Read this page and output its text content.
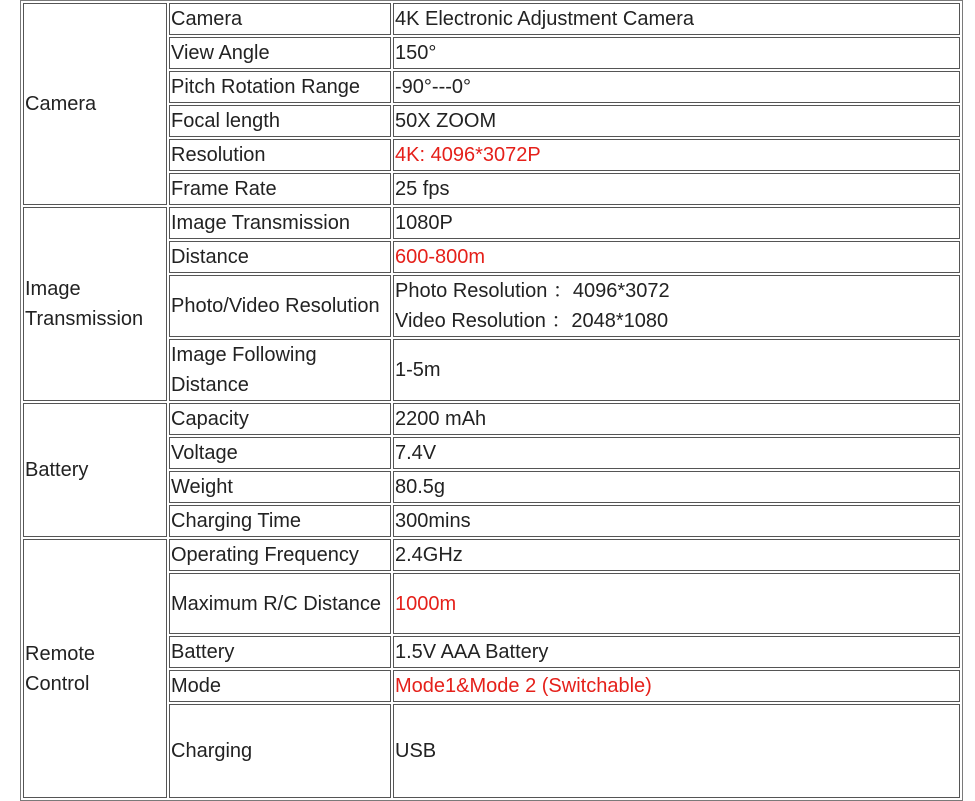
Camera	Camera	4K Electronic Adjustment Camera
	View Angle	150°
	Pitch Rotation Range	-90°---0°
	Focal length	50X ZOOM
	Resolution	4K: 4096*3072P
	Frame Rate	25 fps
Image Transmission	Image Transmission	1080P
	Distance	600-800m
	Photo/Video Resolution	Photo Resolution ：4096*3072
Video Resolution ：2048*1080

	Image Following Distance	1-5m
Battery	Capacity	2200 mAh
	Voltage	7.4V
	Weight	80.5g
	Charging Time	300mins
Remote Control	Operating Frequency	2.4GHz
	Maximum R/C Distance	1000m
	Battery	1.5V AAA Battery
	Mode	Mode1&Mode 2 (Switchable)
	Charging	USB
